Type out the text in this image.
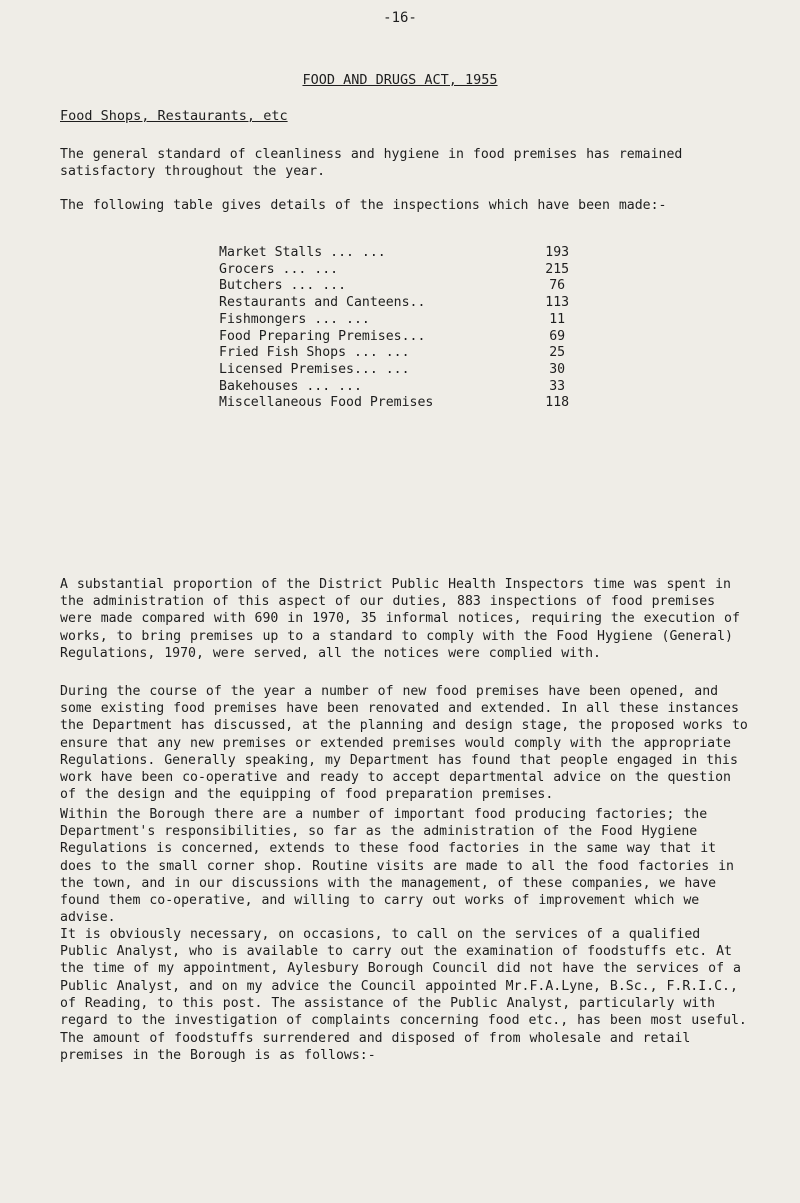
-16-
FOOD AND DRUGS ACT, 1955
Food Shops, Restaurants, etc

The general standard of cleanliness and hygiene in food premises has remained satisfactory throughout the year.

The following table gives details of the inspections which have been made:-

Market Stalls ... ...	193
Grocers ... ...	215
Butchers ... ...	76
Restaurants and Canteens..	113
Fishmongers ... ...	11
Food Preparing Premises...	69
Fried Fish Shops ... ...	25
Licensed Premises... ...	30
Bakehouses ... ...	33
Miscellaneous Food Premises	118

A substantial proportion of the District Public Health Inspectors time was spent in the administration of this aspect of our duties, 883 inspections of food premises were made compared with 690 in 1970, 35 informal notices, requiring the execution of works, to bring premises up to a standard to comply with the Food Hygiene (General) Regulations, 1970, were served, all the notices were complied with.

During the course of the year a number of new food premises have been opened, and some existing food premises have been renovated and extended. In all these instances the Department has discussed, at the planning and design stage, the proposed works to ensure that any new premises or extended premises would comply with the appropriate Regulations. Generally speaking, my Department has found that people engaged in this work have been co-operative and ready to accept departmental advice on the question of the design and the equipping of food preparation premises.

Within the Borough there are a number of important food producing factories; the Department's responsibilities, so far as the administration of the Food Hygiene Regulations is concerned, extends to these food factories in the same way that it does to the small corner shop. Routine visits are made to all the food factories in the town, and in our discussions with the management, of these companies, we have found them co-operative, and willing to carry out works of improvement which we advise.

It is obviously necessary, on occasions, to call on the services of a qualified Public Analyst, who is available to carry out the examination of foodstuffs etc. At the time of my appointment, Aylesbury Borough Council did not have the services of a Public Analyst, and on my advice the Council appointed Mr.F.A.Lyne, B.Sc., F.R.I.C., of Reading, to this post. The assistance of the Public Analyst, particularly with regard to the investigation of complaints concerning food etc., has been most useful.

The amount of foodstuffs surrendered and disposed of from wholesale and retail premises in the Borough is as follows:-
